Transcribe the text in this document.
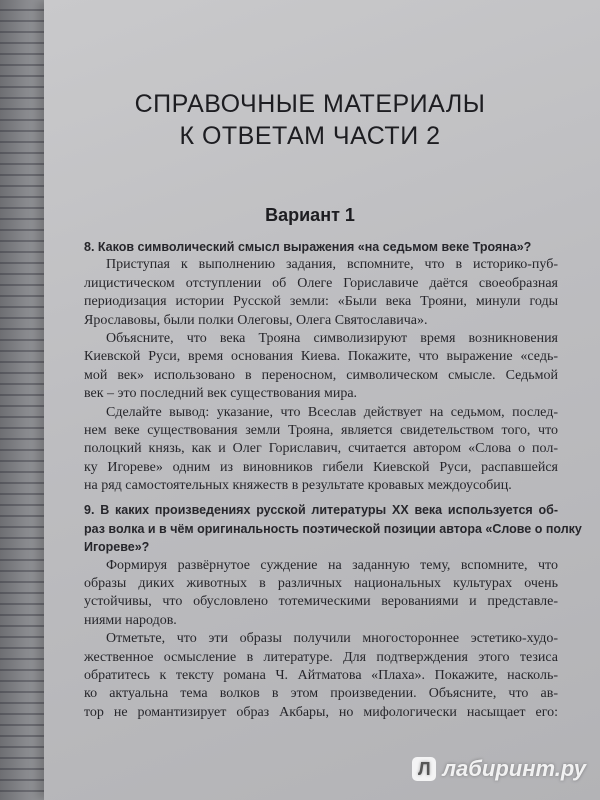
СПРАВОЧНЫЕ МАТЕРИАЛЫ
К ОТВЕТАМ ЧАСТИ 2
Вариант 1
8. Каков символический смысл выражения «на седьмом веке Трояна»?
Приступая к выполнению задания, вспомните, что в историко-пуб-
лицистическом отступлении об Олеге Гориславиче даётся своеобразная
периодизация истории Русской земли: «Были века Трояни, минули годы
Ярославовы, были полки Олеговы, Олега Святославича».
Объясните, что века Трояна символизируют время возникновения
Киевской Руси, время основания Киева. Покажите, что выражение «седь-
мой век» использовано в переносном, символическом смысле. Седьмой
век – это последний век существования мира.
Сделайте вывод: указание, что Всеслав действует на седьмом, послед-
нем веке существования земли Трояна, является свидетельством того, что
полоцкий князь, как и Олег Гориславич, считается автором «Слова о пол-
ку Игореве» одним из виновников гибели Киевской Руси, распавшейся
на ряд самостоятельных княжеств в результате кровавых междоусобиц.
9. В каких произведениях русской литературы XX века используется об-
раз волка и в чём оригинальность поэтической позиции автора «Слове о полку
Игореве»?
Формируя развёрнутое суждение на заданную тему, вспомните, что
образы диких животных в различных национальных культурах очень
устойчивы, что обусловлено тотемическими верованиями и представле-
ниями народов.
Отметьте, что эти образы получили многостороннее эстетико-худо-
жественное осмысление в литературе. Для подтверждения этого тезиса
обратитесь к тексту романа Ч. Айтматова «Плаха». Покажите, насколь-
ко актуальна тема волков в этом произведении. Объясните, что ав-
тор не романтизирует образ Акбары, но мифологически насыщает его:
Л лабиринт.ру
